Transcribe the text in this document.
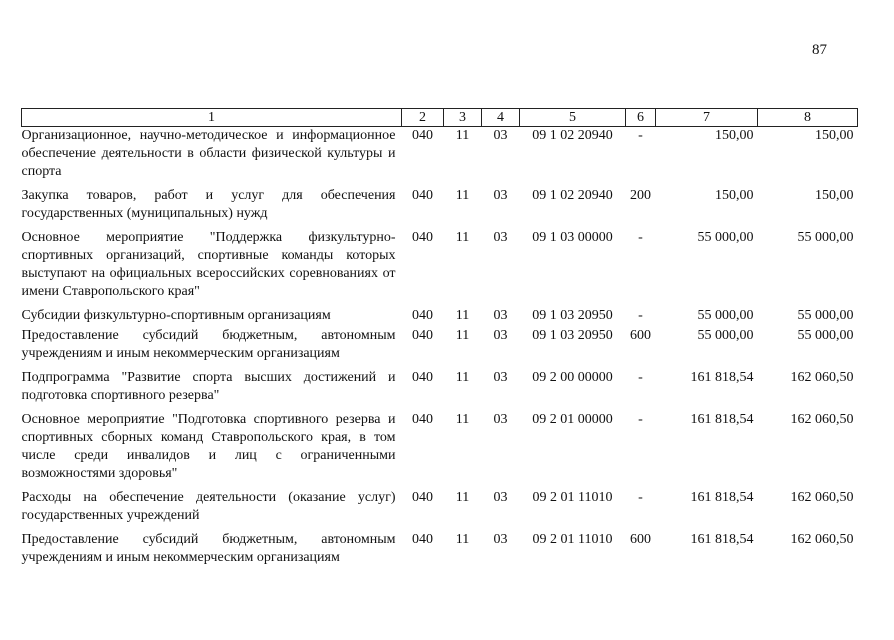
87
1	2	3	4	5	6	7	8
Организационное, научно-методическое и информационное обеспечение деятельности в области физической культуры и спорта	040	11	03	09 1 02 20940	-	150,00	150,00
Закупка товаров, работ и услуг для обеспечения государственных (муниципальных) нужд	040	11	03	09 1 02 20940	200	150,00	150,00
Основное мероприятие "Поддержка физкультурно-спортивных организаций, спортивные команды которых выступают на официальных всероссийских соревнованиях от имени Ставропольского края"	040	11	03	09 1 03 00000	-	55 000,00	55 000,00
Субсидии физкультурно-спортивным организациям	040	11	03	09 1 03 20950	-	55 000,00	55 000,00
Предоставление субсидий бюджетным, автономным учреждениям и иным некоммерческим организациям	040	11	03	09 1 03 20950	600	55 000,00	55 000,00
Подпрограмма "Развитие спорта высших достижений и подготовка спортивного резерва"	040	11	03	09 2 00 00000	-	161 818,54	162 060,50
Основное мероприятие "Подготовка спортивного резерва и спортивных сборных команд Ставропольского края, в том числе среди инвалидов и лиц с ограниченными возможностями здоровья"	040	11	03	09 2 01 00000	-	161 818,54	162 060,50
Расходы на обеспечение деятельности (оказание услуг) государственных учреждений	040	11	03	09 2 01 11010	-	161 818,54	162 060,50
Предоставление субсидий бюджетным, автономным учреждениям и иным некоммерческим организациям	040	11	03	09 2 01 11010	600	161 818,54	162 060,50
